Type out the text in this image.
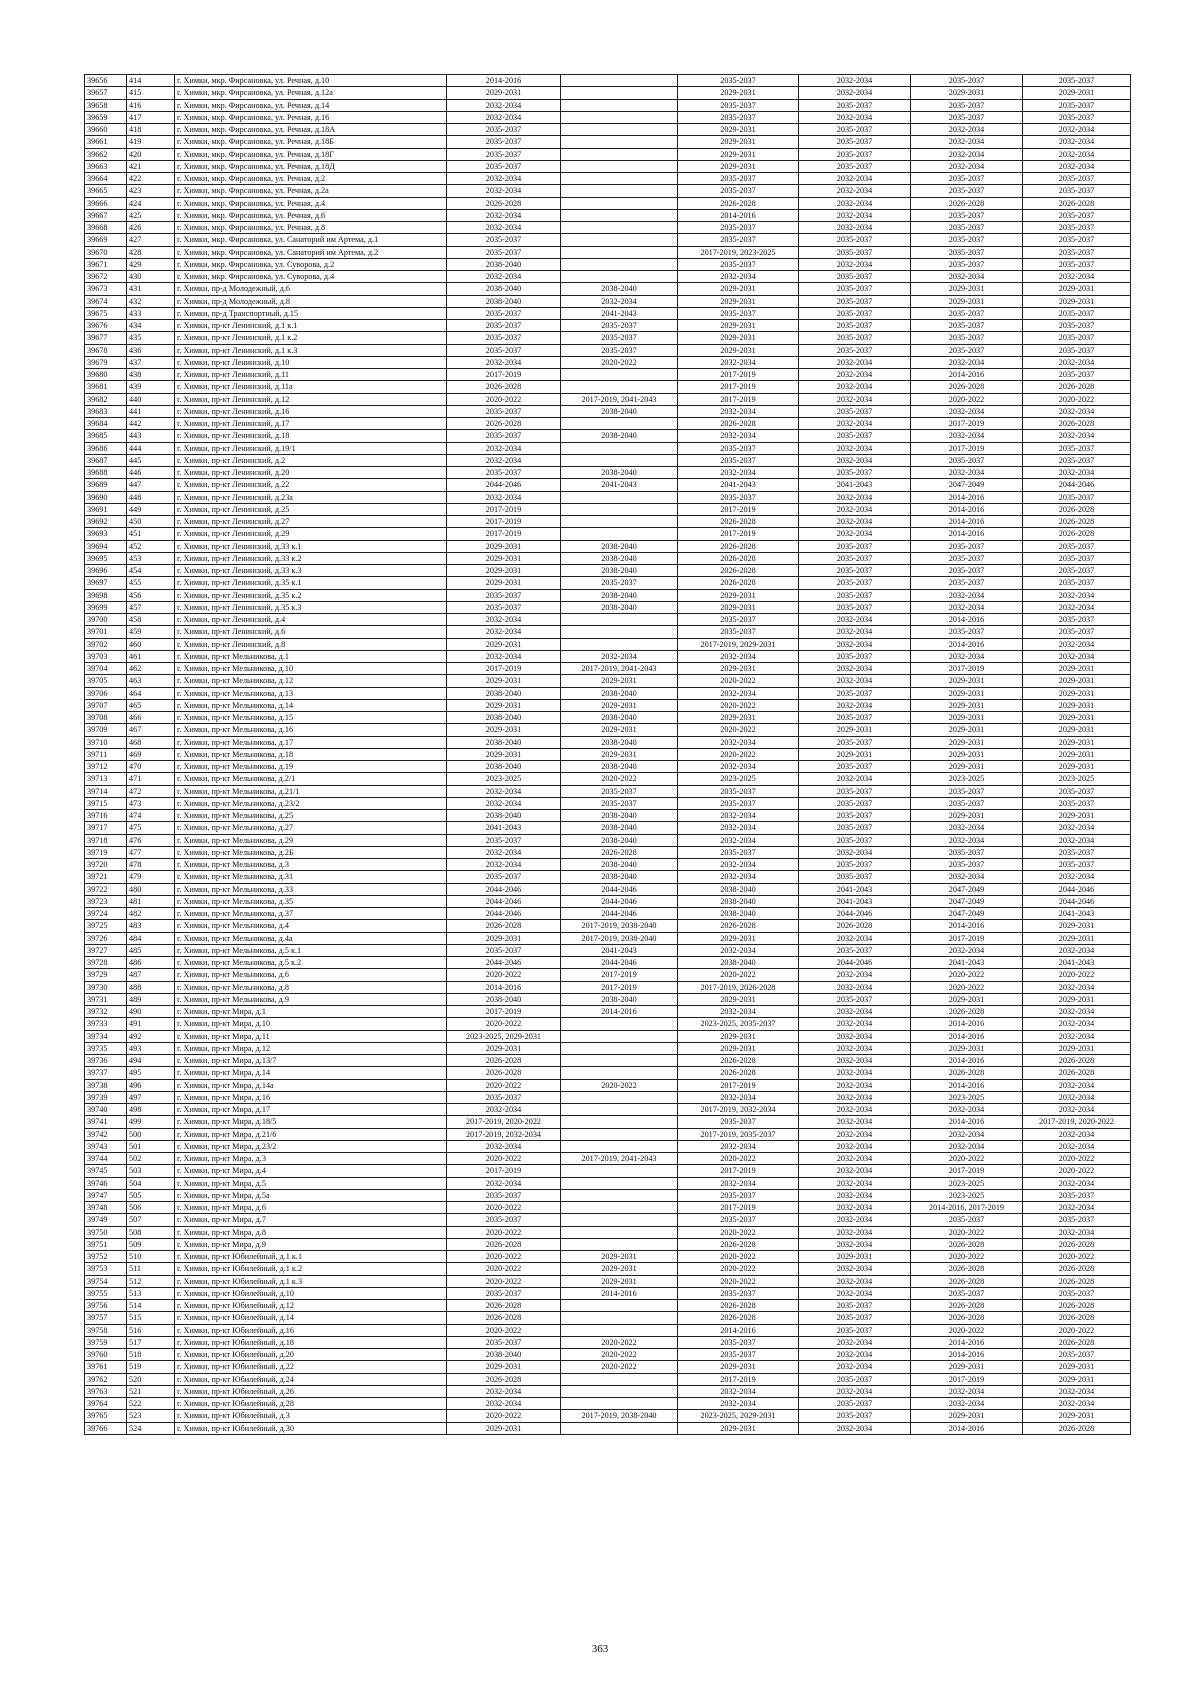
39656	414	г. Химки, мкр. Фирсановка, ул. Речная, д.10	2014-2016		2035-2037	2032-2034	2035-2037	2035-2037
39657	415	г. Химки, мкр. Фирсановка, ул. Речная, д.12а	2029-2031		2029-2031	2032-2034	2029-2031	2029-2031
39658	416	г. Химки, мкр. Фирсановка, ул. Речная, д.14	2032-2034		2035-2037	2035-2037	2035-2037	2035-2037
39659	417	г. Химки, мкр. Фирсановка, ул. Речная, д.16	2032-2034		2035-2037	2032-2034	2035-2037	2035-2037
39660	418	г. Химки, мкр. Фирсановка, ул. Речная, д.18А	2035-2037		2029-2031	2035-2037	2032-2034	2032-2034
39661	419	г. Химки, мкр. Фирсановка, ул. Речная, д.18Б	2035-2037		2029-2031	2035-2037	2032-2034	2032-2034
39662	420	г. Химки, мкр. Фирсановка, ул. Речная, д.18Г	2035-2037		2029-2031	2035-2037	2032-2034	2032-2034
39663	421	г. Химки, мкр. Фирсановка, ул. Речная, д.18Д	2035-2037		2029-2031	2035-2037	2032-2034	2032-2034
39664	422	г. Химки, мкр. Фирсановка, ул. Речная, д.2	2032-2034		2035-2037	2032-2034	2035-2037	2035-2037
39665	423	г. Химки, мкр. Фирсановка, ул. Речная, д.2а	2032-2034		2035-2037	2032-2034	2035-2037	2035-2037
39666	424	г. Химки, мкр. Фирсановка, ул. Речная, д.4	2026-2028		2026-2028	2032-2034	2026-2028	2026-2028
39667	425	г. Химки, мкр. Фирсановка, ул. Речная, д.6	2032-2034		2014-2016	2032-2034	2035-2037	2035-2037
39668	426	г. Химки, мкр. Фирсановка, ул. Речная, д.8	2032-2034		2035-2037	2032-2034	2035-2037	2035-2037
39669	427	г. Химки, мкр. Фирсановка, ул. Санаторий им Артема, д.1	2035-2037		2035-2037	2035-2037	2035-2037	2035-2037
39670	428	г. Химки, мкр. Фирсановка, ул. Санаторий им Артема, д.2	2035-2037		2017-2019, 2023-2025	2035-2037	2035-2037	2035-2037
39671	429	г. Химки, мкр. Фирсановка, ул. Суворова, д.2	2038-2040		2035-2037	2032-2034	2035-2037	2035-2037
39672	430	г. Химки, мкр. Фирсановка, ул. Суворова, д.4	2032-2034		2032-2034	2035-2037	2032-2034	2032-2034
39673	431	г. Химки, пр-д Молодежный, д.6	2038-2040	2038-2040	2029-2031	2035-2037	2029-2031	2029-2031
39674	432	г. Химки, пр-д Молодежный, д.8	2038-2040	2032-2034	2029-2031	2035-2037	2029-2031	2029-2031
39675	433	г. Химки, пр-д Транспортный, д.15	2035-2037	2041-2043	2035-2037	2035-2037	2035-2037	2035-2037
39676	434	г. Химки, пр-кт Ленинский, д.1 к.1	2035-2037	2035-2037	2029-2031	2035-2037	2035-2037	2035-2037
39677	435	г. Химки, пр-кт Ленинский, д.1 к.2	2035-2037	2035-2037	2029-2031	2035-2037	2035-2037	2035-2037
39678	436	г. Химки, пр-кт Ленинский, д.1 к.3	2035-2037	2035-2037	2029-2031	2035-2037	2035-2037	2035-2037
39679	437	г. Химки, пр-кт Ленинский, д.10	2032-2034	2020-2022	2032-2034	2032-2034	2032-2034	2032-2034
39680	438	г. Химки, пр-кт Ленинский, д.11	2017-2019		2017-2019	2032-2034	2014-2016	2035-2037
39681	439	г. Химки, пр-кт Ленинский, д.11а	2026-2028		2017-2019	2032-2034	2026-2028	2026-2028
39682	440	г. Химки, пр-кт Ленинский, д.12	2020-2022	2017-2019, 2041-2043	2017-2019	2032-2034	2020-2022	2020-2022
39683	441	г. Химки, пр-кт Ленинский, д.16	2035-2037	2038-2040	2032-2034	2035-2037	2032-2034	2032-2034
39684	442	г. Химки, пр-кт Ленинский, д.17	2026-2028		2026-2028	2032-2034	2017-2019	2026-2028
39685	443	г. Химки, пр-кт Ленинский, д.18	2035-2037	2038-2040	2032-2034	2035-2037	2032-2034	2032-2034
39686	444	г. Химки, пр-кт Ленинский, д.19/1	2032-2034		2035-2037	2032-2034	2017-2019	2035-2037
39687	445	г. Химки, пр-кт Ленинский, д.2	2032-2034		2035-2037	2032-2034	2035-2037	2035-2037
39688	446	г. Химки, пр-кт Ленинский, д.20	2035-2037	2038-2040	2032-2034	2035-2037	2032-2034	2032-2034
39689	447	г. Химки, пр-кт Ленинский, д.22	2044-2046	2041-2043	2041-2043	2041-2043	2047-2049	2044-2046
39690	448	г. Химки, пр-кт Ленинский, д.23а	2032-2034		2035-2037	2032-2034	2014-2016	2035-2037
39691	449	г. Химки, пр-кт Ленинский, д.25	2017-2019		2017-2019	2032-2034	2014-2016	2026-2028
39692	450	г. Химки, пр-кт Ленинский, д.27	2017-2019		2026-2028	2032-2034	2014-2016	2026-2028
39693	451	г. Химки, пр-кт Ленинский, д.29	2017-2019		2017-2019	2032-2034	2014-2016	2026-2028
39694	452	г. Химки, пр-кт Ленинский, д.33 к.1	2029-2031	2038-2040	2026-2028	2035-2037	2035-2037	2035-2037
39695	453	г. Химки, пр-кт Ленинский, д.33 к.2	2029-2031	2038-2040	2026-2028	2035-2037	2035-2037	2035-2037
39696	454	г. Химки, пр-кт Ленинский, д.33 к.3	2029-2031	2038-2040	2026-2028	2035-2037	2035-2037	2035-2037
39697	455	г. Химки, пр-кт Ленинский, д.35 к.1	2029-2031	2035-2037	2026-2028	2035-2037	2035-2037	2035-2037
39698	456	г. Химки, пр-кт Ленинский, д.35 к.2	2035-2037	2038-2040	2029-2031	2035-2037	2032-2034	2032-2034
39699	457	г. Химки, пр-кт Ленинский, д.35 к.3	2035-2037	2038-2040	2029-2031	2035-2037	2032-2034	2032-2034
39700	458	г. Химки, пр-кт Ленинский, д.4	2032-2034		2035-2037	2032-2034	2014-2016	2035-2037
39701	459	г. Химки, пр-кт Ленинский, д.6	2032-2034		2035-2037	2032-2034	2035-2037	2035-2037
39702	460	г. Химки, пр-кт Ленинский, д.8	2029-2031		2017-2019, 2029-2031	2032-2034	2014-2016	2032-2034
39703	461	г. Химки, пр-кт Мельникова, д.1	2032-2034	2032-2034	2032-2034	2035-2037	2032-2034	2032-2034
39704	462	г. Химки, пр-кт Мельникова, д.10	2017-2019	2017-2019, 2041-2043	2029-2031	2032-2034	2017-2019	2029-2031
39705	463	г. Химки, пр-кт Мельникова, д.12	2029-2031	2029-2031	2020-2022	2032-2034	2029-2031	2029-2031
39706	464	г. Химки, пр-кт Мельникова, д.13	2038-2040	2038-2040	2032-2034	2035-2037	2029-2031	2029-2031
39707	465	г. Химки, пр-кт Мельникова, д.14	2029-2031	2029-2031	2020-2022	2032-2034	2029-2031	2029-2031
39708	466	г. Химки, пр-кт Мельникова, д.15	2038-2040	2038-2040	2029-2031	2035-2037	2029-2031	2029-2031
39709	467	г. Химки, пр-кт Мельникова, д.16	2029-2031	2029-2031	2020-2022	2029-2031	2029-2031	2029-2031
39710	468	г. Химки, пр-кт Мельникова, д.17	2038-2040	2038-2040	2032-2034	2035-2037	2029-2031	2029-2031
39711	469	г. Химки, пр-кт Мельникова, д.18	2029-2031	2029-2031	2020-2022	2029-2031	2029-2031	2029-2031
39712	470	г. Химки, пр-кт Мельникова, д.19	2038-2040	2038-2040	2032-2034	2035-2037	2029-2031	2029-2031
39713	471	г. Химки, пр-кт Мельникова, д.2/1	2023-2025	2020-2022	2023-2025	2032-2034	2023-2025	2023-2025
39714	472	г. Химки, пр-кт Мельникова, д.21/1	2032-2034	2035-2037	2035-2037	2035-2037	2035-2037	2035-2037
39715	473	г. Химки, пр-кт Мельникова, д.23/2	2032-2034	2035-2037	2035-2037	2035-2037	2035-2037	2035-2037
39716	474	г. Химки, пр-кт Мельникова, д.25	2038-2040	2038-2040	2032-2034	2035-2037	2029-2031	2029-2031
39717	475	г. Химки, пр-кт Мельникова, д.27	2041-2043	2038-2040	2032-2034	2035-2037	2032-2034	2032-2034
39718	476	г. Химки, пр-кт Мельникова, д.29	2035-2037	2038-2040	2032-2034	2035-2037	2032-2034	2032-2034
39719	477	г. Химки, пр-кт Мельникова, д.2Б	2032-2034	2026-2028	2035-2037	2032-2034	2035-2037	2035-2037
39720	478	г. Химки, пр-кт Мельникова, д.3	2032-2034	2038-2040	2032-2034	2035-2037	2035-2037	2035-2037
39721	479	г. Химки, пр-кт Мельникова, д.31	2035-2037	2038-2040	2032-2034	2035-2037	2032-2034	2032-2034
39722	480	г. Химки, пр-кт Мельникова, д.33	2044-2046	2044-2046	2038-2040	2041-2043	2047-2049	2044-2046
39723	481	г. Химки, пр-кт Мельникова, д.35	2044-2046	2044-2046	2038-2040	2041-2043	2047-2049	2044-2046
39724	482	г. Химки, пр-кт Мельникова, д.37	2044-2046	2044-2046	2038-2040	2044-2046	2047-2049	2041-2043
39725	483	г. Химки, пр-кт Мельникова, д.4	2026-2028	2017-2019, 2038-2040	2026-2028	2026-2028	2014-2016	2029-2031
39726	484	г. Химки, пр-кт Мельникова, д.4а	2029-2031	2017-2019, 2038-2040	2029-2031	2032-2034	2017-2019	2029-2031
39727	485	г. Химки, пр-кт Мельникова, д.5 к.1	2035-2037	2041-2043	2032-2034	2035-2037	2032-2034	2032-2034
39728	486	г. Химки, пр-кт Мельникова, д.5 к.2	2044-2046	2044-2046	2038-2040	2044-2046	2041-2043	2041-2043
39729	487	г. Химки, пр-кт Мельникова, д.6	2020-2022	2017-2019	2020-2022	2032-2034	2020-2022	2020-2022
39730	488	г. Химки, пр-кт Мельникова, д.8	2014-2016	2017-2019	2017-2019, 2026-2028	2032-2034	2020-2022	2032-2034
39731	489	г. Химки, пр-кт Мельникова, д.9	2038-2040	2038-2040	2029-2031	2035-2037	2029-2031	2029-2031
39732	490	г. Химки, пр-кт Мира, д.1	2017-2019	2014-2016	2032-2034	2032-2034	2026-2028	2032-2034
39733	491	г. Химки, пр-кт Мира, д.10	2020-2022		2023-2025, 2035-2037	2032-2034	2014-2016	2032-2034
39734	492	г. Химки, пр-кт Мира, д.11	2023-2025, 2029-2031		2029-2031	2032-2034	2014-2016	2032-2034
39735	493	г. Химки, пр-кт Мира, д.12	2029-2031		2029-2031	2032-2034	2029-2031	2029-2031
39736	494	г. Химки, пр-кт Мира, д.13/7	2026-2028		2026-2028	2032-2034	2014-2016	2026-2028
39737	495	г. Химки, пр-кт Мира, д.14	2026-2028		2026-2028	2032-2034	2026-2028	2026-2028
39738	496	г. Химки, пр-кт Мира, д.14а	2020-2022	2020-2022	2017-2019	2032-2034	2014-2016	2032-2034
39739	497	г. Химки, пр-кт Мира, д.16	2035-2037		2032-2034	2032-2034	2023-2025	2032-2034
39740	498	г. Химки, пр-кт Мира, д.17	2032-2034		2017-2019, 2032-2034	2032-2034	2032-2034	2032-2034
39741	499	г. Химки, пр-кт Мира, д.18/5	2017-2019, 2020-2022		2035-2037	2032-2034	2014-2016	2017-2019, 2020-2022
39742	500	г. Химки, пр-кт Мира, д.21/6	2017-2019, 2032-2034		2017-2019, 2035-2037	2032-2034	2032-2034	2032-2034
39743	501	г. Химки, пр-кт Мира, д.23/2	2032-2034		2032-2034	2032-2034	2032-2034	2032-2034
39744	502	г. Химки, пр-кт Мира, д.3	2020-2022	2017-2019, 2041-2043	2020-2022	2032-2034	2020-2022	2020-2022
39745	503	г. Химки, пр-кт Мира, д.4	2017-2019		2017-2019	2032-2034	2017-2019	2020-2022
39746	504	г. Химки, пр-кт Мира, д.5	2032-2034		2032-2034	2032-2034	2023-2025	2032-2034
39747	505	г. Химки, пр-кт Мира, д.5а	2035-2037		2035-2037	2032-2034	2023-2025	2035-2037
39748	506	г. Химки, пр-кт Мира, д.6	2020-2022		2017-2019	2032-2034	2014-2016, 2017-2019	2032-2034
39749	507	г. Химки, пр-кт Мира, д.7	2035-2037		2035-2037	2032-2034	2035-2037	2035-2037
39750	508	г. Химки, пр-кт Мира, д.8	2020-2022		2020-2022	2032-2034	2020-2022	2032-2034
39751	509	г. Химки, пр-кт Мира, д.9	2026-2028		2026-2028	2032-2034	2026-2028	2026-2028
39752	510	г. Химки, пр-кт Юбилейный, д.1 к.1	2020-2022	2029-2031	2020-2022	2029-2031	2020-2022	2020-2022
39753	511	г. Химки, пр-кт Юбилейный, д.1 к.2	2020-2022	2029-2031	2020-2022	2032-2034	2026-2028	2026-2028
39754	512	г. Химки, пр-кт Юбилейный, д.1 к.3	2020-2022	2029-2031	2020-2022	2032-2034	2026-2028	2026-2028
39755	513	г. Химки, пр-кт Юбилейный, д.10	2035-2037	2014-2016	2035-2037	2032-2034	2035-2037	2035-2037
39756	514	г. Химки, пр-кт Юбилейный, д.12	2026-2028		2026-2028	2035-2037	2026-2028	2026-2028
39757	515	г. Химки, пр-кт Юбилейный, д.14	2026-2028		2026-2028	2035-2037	2026-2028	2026-2028
39758	516	г. Химки, пр-кт Юбилейный, д.16	2020-2022		2014-2016	2035-2037	2020-2022	2020-2022
39759	517	г. Химки, пр-кт Юбилейный, д.18	2035-2037	2020-2022	2035-2037	2032-2034	2014-2016	2026-2028
39760	518	г. Химки, пр-кт Юбилейный, д.20	2038-2040	2020-2022	2035-2037	2032-2034	2014-2016	2035-2037
39761	519	г. Химки, пр-кт Юбилейный, д.22	2029-2031	2020-2022	2029-2031	2032-2034	2029-2031	2029-2031
39762	520	г. Химки, пр-кт Юбилейный, д.24	2026-2028		2017-2019	2035-2037	2017-2019	2029-2031
39763	521	г. Химки, пр-кт Юбилейный, д.26	2032-2034		2032-2034	2032-2034	2032-2034	2032-2034
39764	522	г. Химки, пр-кт Юбилейный, д.28	2032-2034		2032-2034	2035-2037	2032-2034	2032-2034
39765	523	г. Химки, пр-кт Юбилейный, д.3	2020-2022	2017-2019, 2038-2040	2023-2025, 2029-2031	2035-2037	2029-2031	2029-2031
39766	524	г. Химки, пр-кт Юбилейный, д.30	2029-2031		2029-2031	2032-2034	2014-2016	2026-2028
363
